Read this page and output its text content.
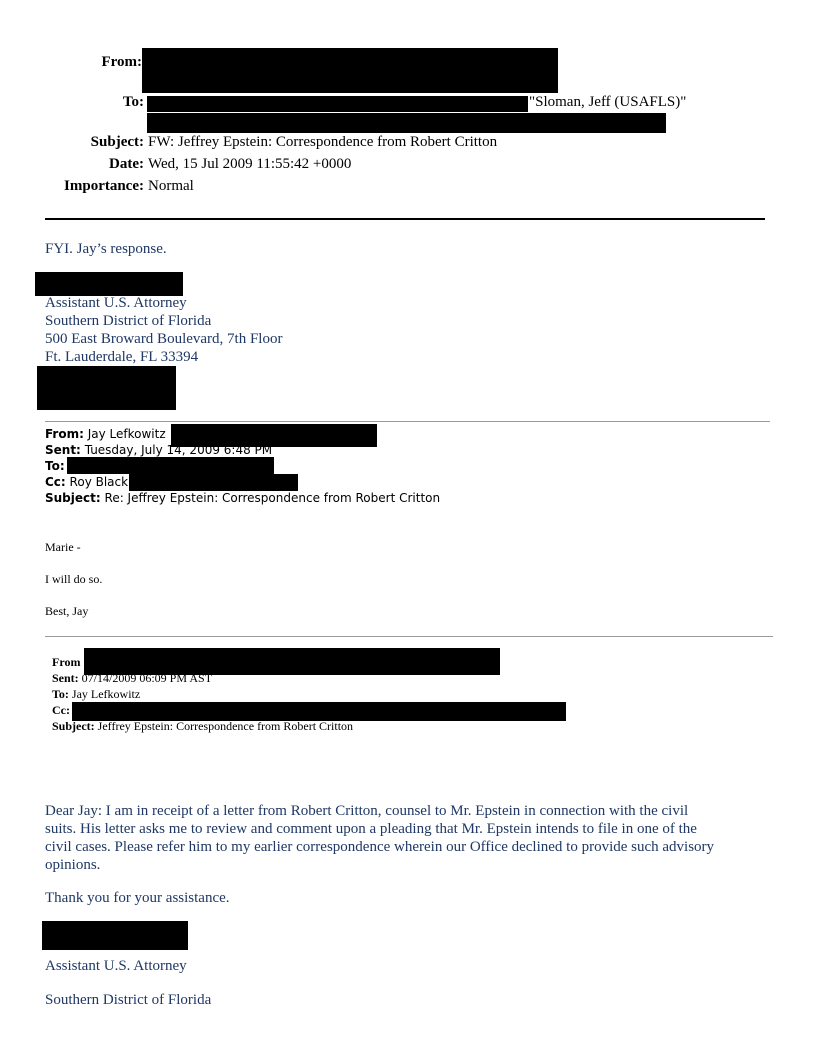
From:
To:	"Sloman, Jeff (USAFLS)"
Subject: FW: Jeffrey Epstein: Correspondence from Robert Critton
Date: Wed, 15 Jul 2009 11:55:42 +0000
Importance: Normal
FYI. Jay’s response.
Assistant U.S. Attorney
Southern District of Florida
500 East Broward Boulevard, 7th Floor
Ft. Lauderdale, FL 33394
From: Jay Lefkowitz
Sent: Tuesday, July 14, 2009 6:48 PM
To:
Cc: Roy Black
Subject: Re: Jeffrey Epstein: Correspondence from Robert Critton
Marie -
I will do so.
Best, Jay
From
Sent: 07/14/2009 06:09 PM AST
To: Jay Lefkowitz
Cc:
Subject: Jeffrey Epstein: Correspondence from Robert Critton
Dear Jay: I am in receipt of a letter from Robert Critton, counsel to Mr. Epstein in connection with the civil
suits. His letter asks me to review and comment upon a pleading that Mr. Epstein intends to file in one of the
civil cases. Please refer him to my earlier correspondence wherein our Office declined to provide such advisory
opinions.
Thank you for your assistance.
Assistant U.S. Attorney
Southern District of Florida
